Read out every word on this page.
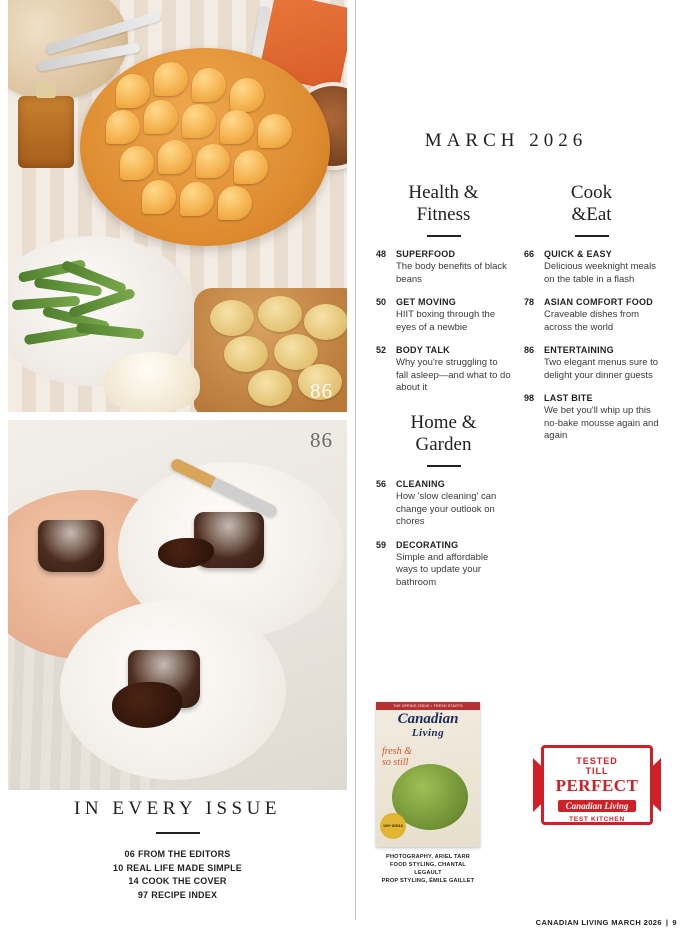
86
86
IN EVERY ISSUE
06 FROM THE EDITORS
10 REAL LIFE MADE SIMPLE
14 COOK THE COVER
97 RECIPE INDEX
MARCH 2026
Health &
Fitness
48 SUPERFOOD
The body benefits of black beans
50 GET MOVING
HIIT boxing through the eyes of a newbie
52 BODY TALK
Why you're struggling to fall asleep—and what to do about it
Home &
Garden
56 CLEANING
How 'slow cleaning' can change your outlook on chores
59 DECORATING
Simple and affordable ways to update your bathroom
Cook
&Eat
66 QUICK & EASY
Delicious weeknight meals on the table in a flash
78 ASIAN COMFORT FOOD
Craveable dishes from across the world
86 ENTERTAINING
Two elegant menus sure to delight your dinner guests
98 LAST BITE
We bet you'll whip up this no-bake mousse again and again
THE SPRING ISSUE • FRESH STARTS
Canadian
Living
fresh &
so still
100+ IDEAS
PHOTOGRAPHY, ARIEL TARR
FOOD STYLING, CHANTAL LEGAULT
PROP STYLING, ÉMILE GAILLET
TESTED
TILL
PERFECT
Canadian Living
TEST KITCHEN
CANADIAN LIVING MARCH 2026 | 9
